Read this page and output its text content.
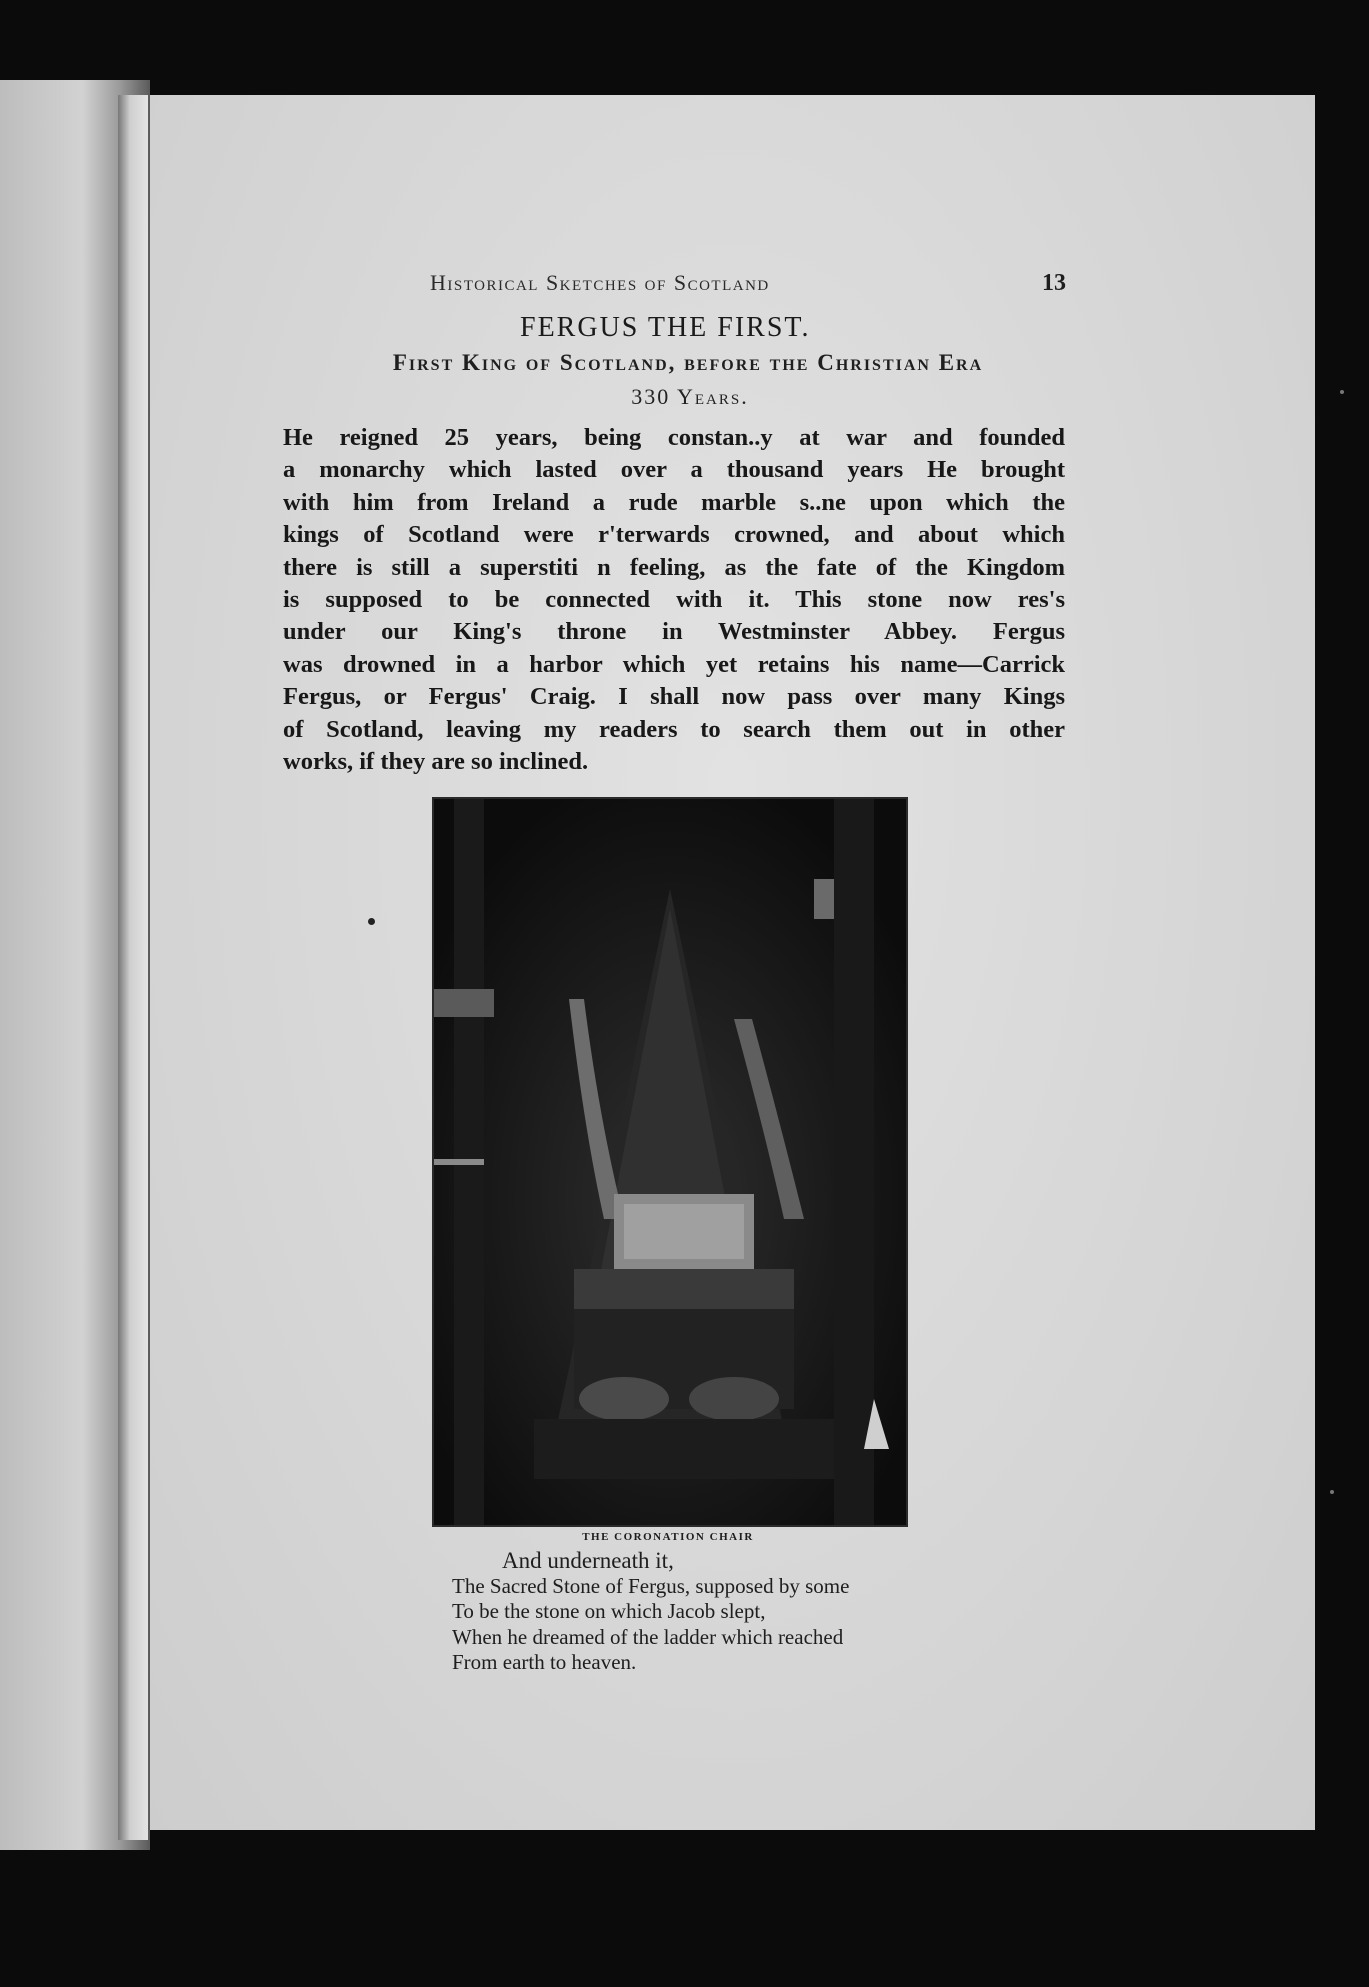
Historical Sketches of Scotland	13
FERGUS THE FIRST.
First King of Scotland, before the Christian Era
330 Years.
He reigned 25 years, being constan..y at war and founded
a monarchy which lasted over a thousand years He brought
with him from Ireland a rude marble s..ne upon which the
kings of Scotland were r'terwards crowned, and about which
there is still a superstiti n feeling, as the fate of the Kingdom
is supposed to be connected with it. This stone now res's
under our King's throne in Westminster Abbey. Fergus
was drowned in a harbor which yet retains his name—Carrick
Fergus, or Fergus' Craig. I shall now pass over many Kings
of Scotland, leaving my readers to search them out in other
works, if they are so inclined.
THE CORONATION CHAIR
And underneath it,
The Sacred Stone of Fergus, supposed by some
To be the stone on which Jacob slept,
When he dreamed of the ladder which reached
From earth to heaven.
